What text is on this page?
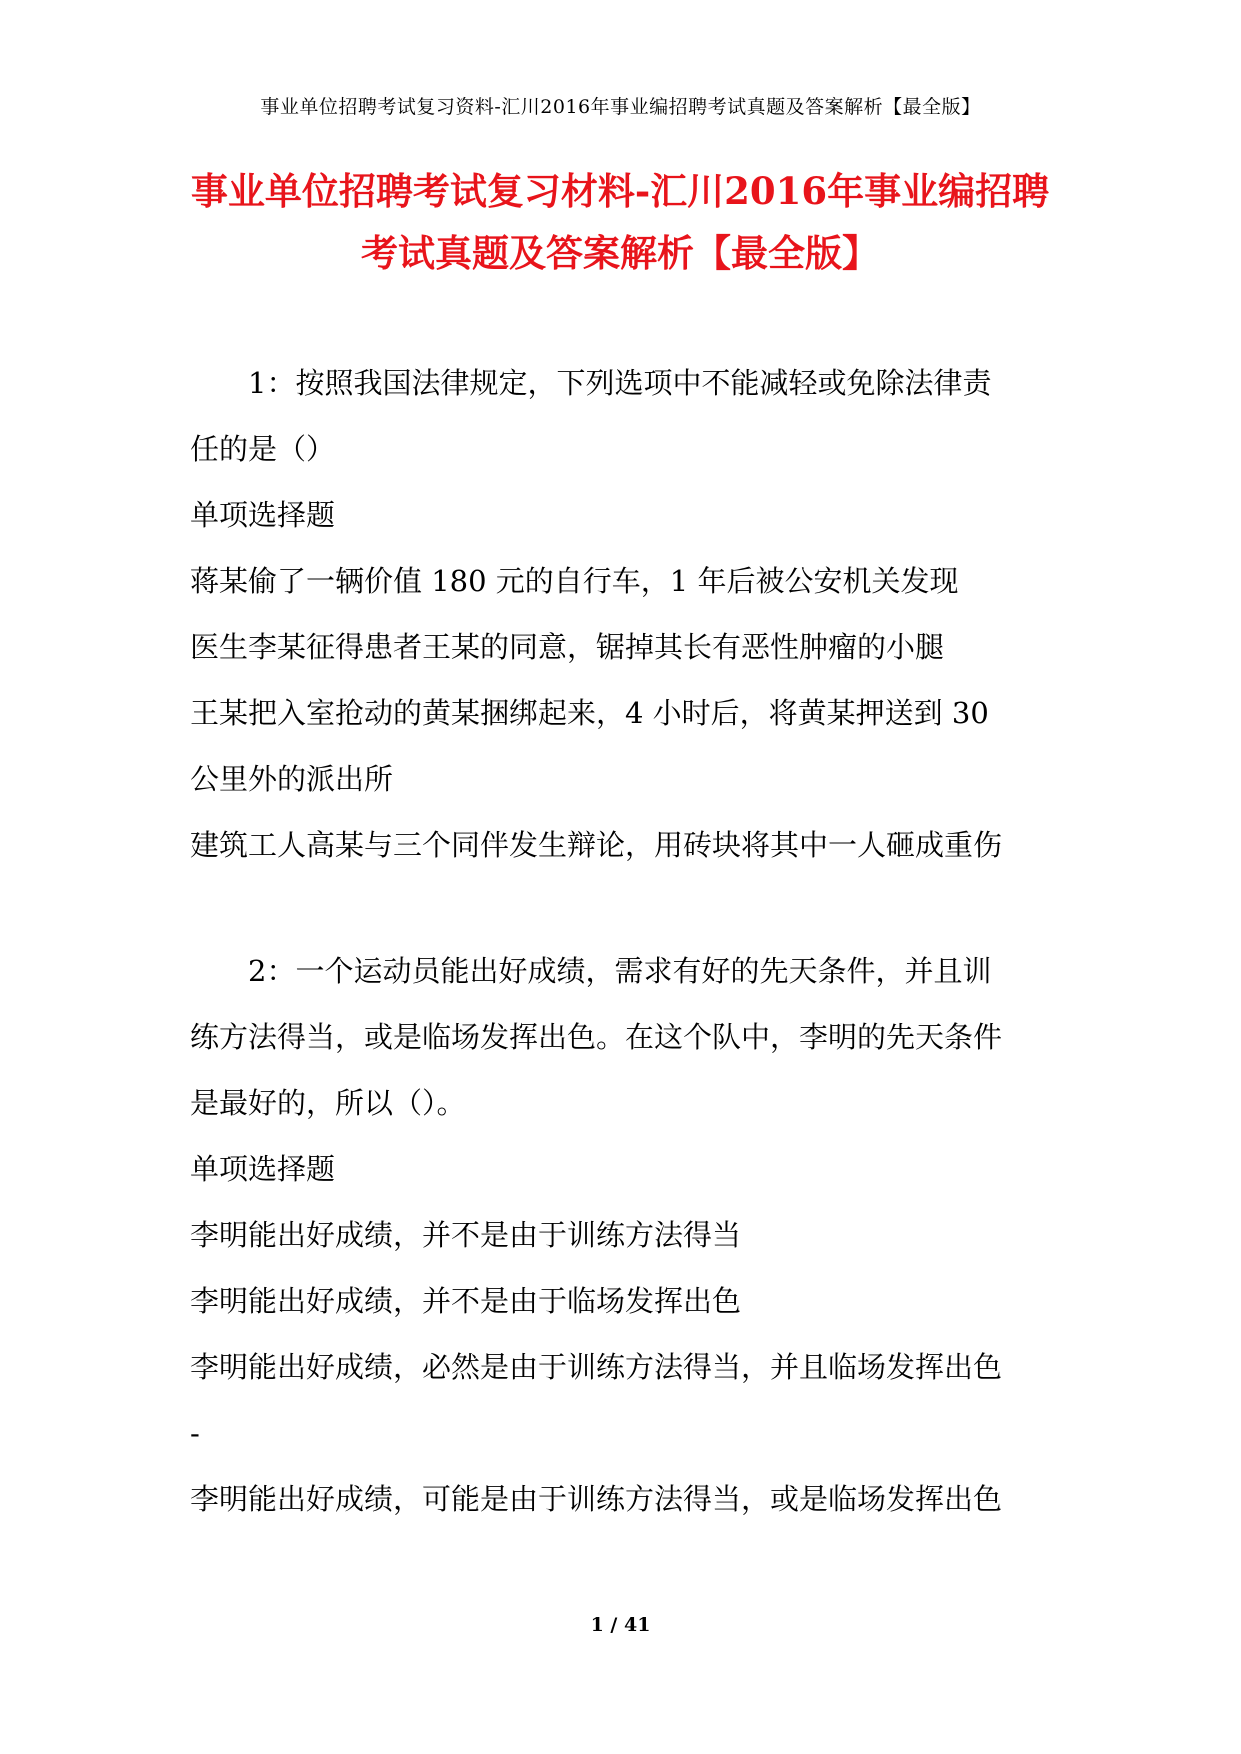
事业单位招聘考试复习资料-汇川2016年事业编招聘考试真题及答案解析【最全版】
事业单位招聘考试复习材料-汇川2016年事业编招聘
考试真题及答案解析【最全版】
1：按照我国法律规定，下列选项中不能减轻或免除法律责
任的是（）
单项选择题
蒋某偷了一辆价值 180 元的自行车，1 年后被公安机关发现
医生李某征得患者王某的同意，锯掉其长有恶性肿瘤的小腿
王某把入室抢动的黄某捆绑起来，4 小时后，将黄某押送到 30
公里外的派出所
建筑工人高某与三个同伴发生辩论，用砖块将其中一人砸成重伤
2：一个运动员能出好成绩，需求有好的先天条件，并且训
练方法得当，或是临场发挥出色。在这个队中，李明的先天条件
是最好的，所以（）。
单项选择题
李明能出好成绩，并不是由于训练方法得当
李明能出好成绩，并不是由于临场发挥出色
李明能出好成绩，必然是由于训练方法得当，并且临场发挥出色
-
李明能出好成绩，可能是由于训练方法得当，或是临场发挥出色
1 / 41
